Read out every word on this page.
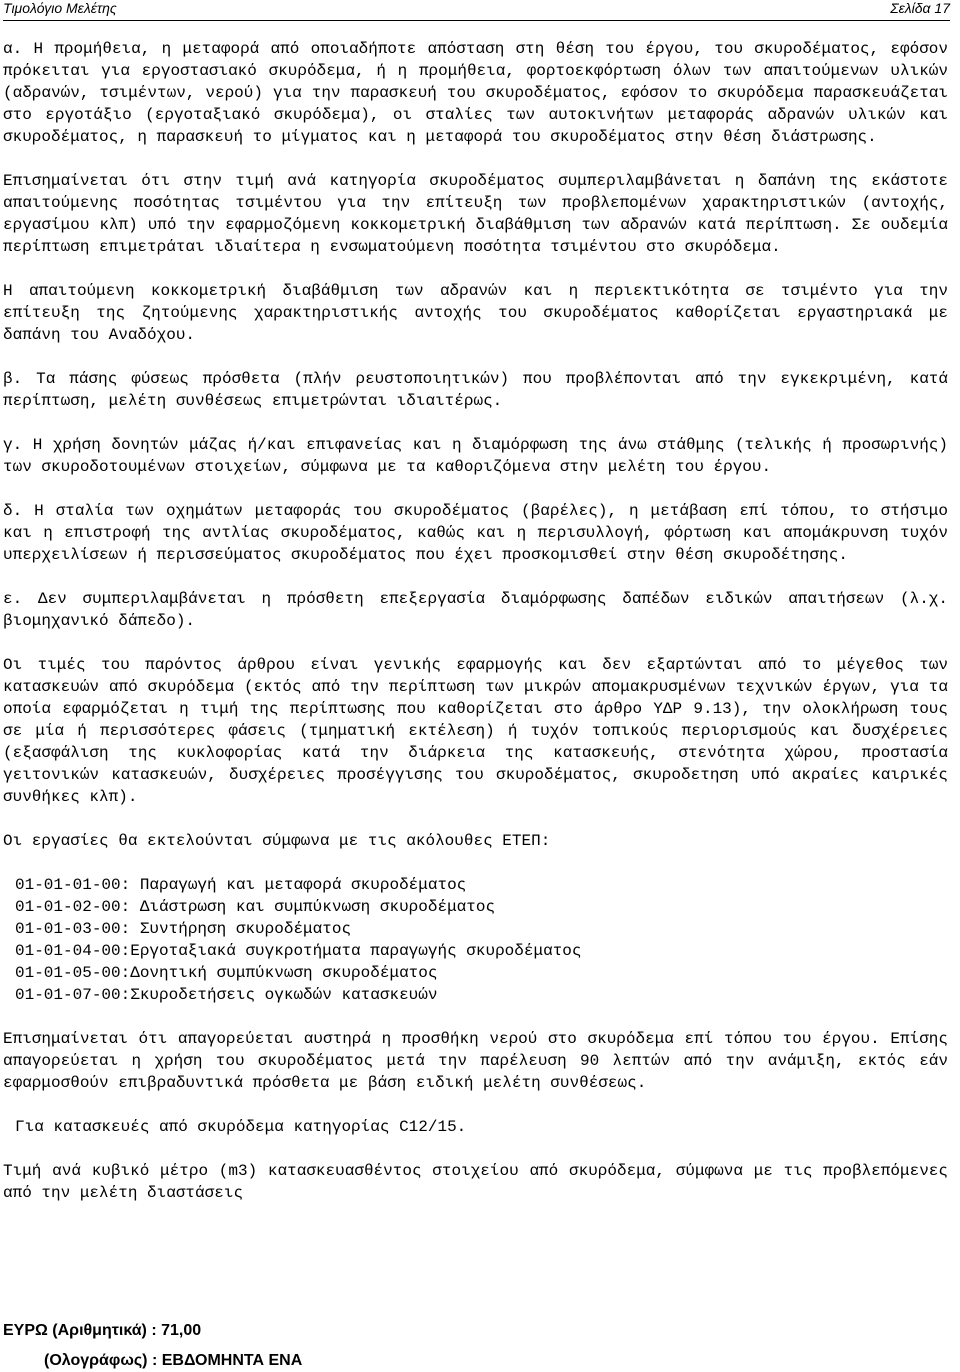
Τιμολόγιο Μελέτης	Σελίδα 17

α. Η προμήθεια, η μεταφορά από οποιαδήποτε απόσταση στη θέση του έργου, του σκυροδέματος, εφόσον πρόκειται για εργοστασιακό σκυρόδεμα, ή η προμήθεια, φορτοεκφόρτωση όλων των απαιτούμενων υλικών (αδρανών, τσιμέντων, νερού) για την παρασκευή του σκυροδέματος, εφόσον το σκυρόδεμα παρασκευάζεται στο εργοτάξιο (εργοταξιακό σκυρόδεμα), οι σταλίες των αυτοκινήτων μεταφοράς αδρανών υλικών και σκυροδέματος, η παρασκευή το μίγματος και η μεταφορά του σκυροδέματος στην θέση διάστρωσης.

Επισημαίνεται ότι στην τιμή ανά κατηγορία σκυροδέματος συμπεριλαμβάνεται η δαπάνη της εκάστοτε απαιτούμενης ποσότητας τσιμέντου για την επίτευξη των προβλεπομένων χαρακτηριστικών (αντοχής, εργασίμου κλπ) υπό την εφαρμοζόμενη κοκκομετρική διαβάθμιση των αδρανών κατά περίπτωση. Σε ουδεμία περίπτωση επιμετράται ιδιαίτερα η ενσωματούμενη ποσότητα τσιμέντου στο σκυρόδεμα.

Η απαιτούμενη κοκκομετρική διαβάθμιση των αδρανών και η περιεκτικότητα σε τσιμέντο για την επίτευξη της ζητούμενης χαρακτηριστικής αντοχής του σκυροδέματος καθορίζεται εργαστηριακά με δαπάνη του Αναδόχου.

β. Τα πάσης φύσεως πρόσθετα (πλήν ρευστοποιητικών) που προβλέπονται από την εγκεκριμένη, κατά περίπτωση, μελέτη συνθέσεως επιμετρώνται ιδιαιτέρως.

γ. Η χρήση δονητών μάζας ή/και επιφανείας και η διαμόρφωση της άνω στάθμης (τελικής ή προσωρινής) των σκυροδοτουμένων στοιχείων, σύμφωνα με τα καθοριζόμενα στην μελέτη του έργου.

δ. Η σταλία των οχημάτων μεταφοράς του σκυροδέματος (βαρέλες), η μετάβαση επί τόπου, το στήσιμο και η επιστροφή της αντλίας σκυροδέματος, καθώς και η περισυλλογή, φόρτωση και απομάκρυνση τυχόν υπερχειλίσεων ή περισσεύματος σκυροδέματος που έχει προσκομισθεί στην θέση σκυροδέτησης.

ε. Δεν συμπεριλαμβάνεται η πρόσθετη επεξεργασία διαμόρφωσης δαπέδων ειδικών απαιτήσεων (λ.χ. βιομηχανικό δάπεδο).

Οι τιμές του παρόντος άρθρου είναι γενικής εφαρμογής και δεν εξαρτώνται από το μέγεθος των κατασκευών από σκυρόδεμα (εκτός από την περίπτωση των μικρών απομακρυσμένων τεχνικών έργων, για τα οποία εφαρμόζεται η τιμή της περίπτωσης που καθορίζεται στο άρθρο ΥΔΡ 9.13), την ολοκλήρωση τους σε μία ή περισσότερες φάσεις (τμηματική εκτέλεση) ή τυχόν τοπικούς περιορισμούς και δυσχέρειες (εξασφάλιση της κυκλοφορίας κατά την διάρκεια της κατασκευής, στενότητα χώρου, προστασία γειτονικών κατασκευών, δυσχέρειες προσέγγισης του σκυροδέματος, σκυροδετηση υπό ακραίες καιρικές συνθήκες κλπ).

Οι εργασίες θα εκτελούνται σύμφωνα με τις ακόλουθες ΕΤΕΠ:

01-01-01-00: Παραγωγή και μεταφορά σκυροδέματος
01-01-02-00: Διάστρωση και συμπύκνωση σκυροδέματος
01-01-03-00: Συντήρηση σκυροδέματος
01-01-04-00:Εργοταξιακά συγκροτήματα παραγωγής σκυροδέματος
01-01-05-00:Δονητική συμπύκνωση σκυροδέματος
01-01-07-00:Σκυροδετήσεις ογκωδών κατασκευών

Επισημαίνεται ότι απαγορεύεται αυστηρά η προσθήκη νερού στο σκυρόδεμα επί τόπου του έργου. Επίσης απαγορεύεται η χρήση του σκυροδέματος μετά την παρέλευση 90 λεπτών από την ανάμιξη, εκτός εάν εφαρμοσθούν επιβραδυντικά πρόσθετα με βάση ειδική μελέτη συνθέσεως.

Για κατασκευές από σκυρόδεμα κατηγορίας C12/15.

Τιμή ανά κυβικό μέτρο (m3) κατασκευασθέντος στοιχείου από σκυρόδεμα, σύμφωνα με τις προβλεπόμενες από την μελέτη διαστάσεις

ΕΥΡΩ (Αριθμητικά) : 71,00
(Ολογράφως) : ΕΒΔΟΜΗΝΤΑ ΕΝΑ
